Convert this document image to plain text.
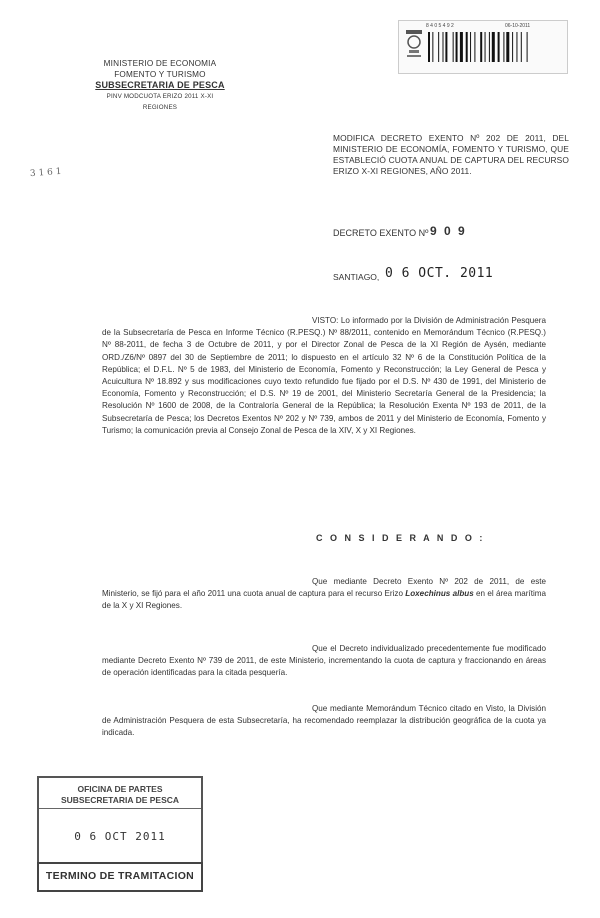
MINISTERIO DE ECONOMIA
FOMENTO Y TURISMO
SUBSECRETARIA DE PESCA
PINV MODCUOTA ERIZO 2011 X-XI REGIONES
3 1 6 1
8 4 0 5 4 9 2	06-10-2011
MODIFICA DECRETO EXENTO Nº 202 DE 2011, DEL MINISTERIO DE ECONOMÍA, FOMENTO Y TURISMO, QUE ESTABLECIÓ CUOTA ANUAL DE CAPTURA DEL RECURSO ERIZO X-XI REGIONES, AÑO 2011.
DECRETO EXENTO Nº 9 0 9
SANTIAGO, 0 6 OCT. 2011
VISTO: Lo informado por la División de Administración Pesquera de la Subsecretaría de Pesca en Informe Técnico (R.PESQ.) Nº 88/2011, contenido en Memorándum Técnico (R.PESQ.) Nº 88-2011, de fecha 3 de Octubre de 2011, y por el Director Zonal de Pesca de la XI Región de Aysén, mediante ORD./Z6/Nº 0897 del 30 de Septiembre de 2011; lo dispuesto en el artículo 32 Nº 6 de la Constitución Política de la República; el D.F.L. Nº 5 de 1983, del Ministerio de Economía, Fomento y Reconstrucción; la Ley General de Pesca y Acuicultura Nº 18.892 y sus modificaciones cuyo texto refundido fue fijado por el D.S. Nº 430 de 1991, del Ministerio de Economía, Fomento y Reconstrucción; el D.S. Nº 19 de 2001, del Ministerio Secretaría General de la Presidencia; la Resolución Nº 1600 de 2008, de la Contraloría General de la República; la Resolución Exenta Nº 193 de 2011, de la Subsecretaría de Pesca; los Decretos Exentos Nº 202 y Nº 739, ambos de 2011 y del Ministerio de Economía, Fomento y Turismo; la comunicación previa al Consejo Zonal de Pesca de la XIV, X y XI Regiones.
C O N S I D E R A N D O :
Que mediante Decreto Exento Nº 202 de 2011, de este Ministerio, se fijó para el año 2011 una cuota anual de captura para el recurso Erizo Loxechinus albus en el área marítima de la X y XI Regiones.
Que el Decreto individualizado precedentemente fue modificado mediante Decreto Exento Nº 739 de 2011, de este Ministerio, incrementando la cuota de captura y fraccionando en áreas de operación identificadas para la citada pesquería.
Que mediante Memorándum Técnico citado en Visto, la División de Administración Pesquera de esta Subsecretaría, ha recomendado reemplazar la distribución geográfica de la cuota ya indicada.
OFICINA DE PARTES
SUBSECRETARIA DE PESCA
0 6 OCT 2011
TERMINO DE TRAMITACION
